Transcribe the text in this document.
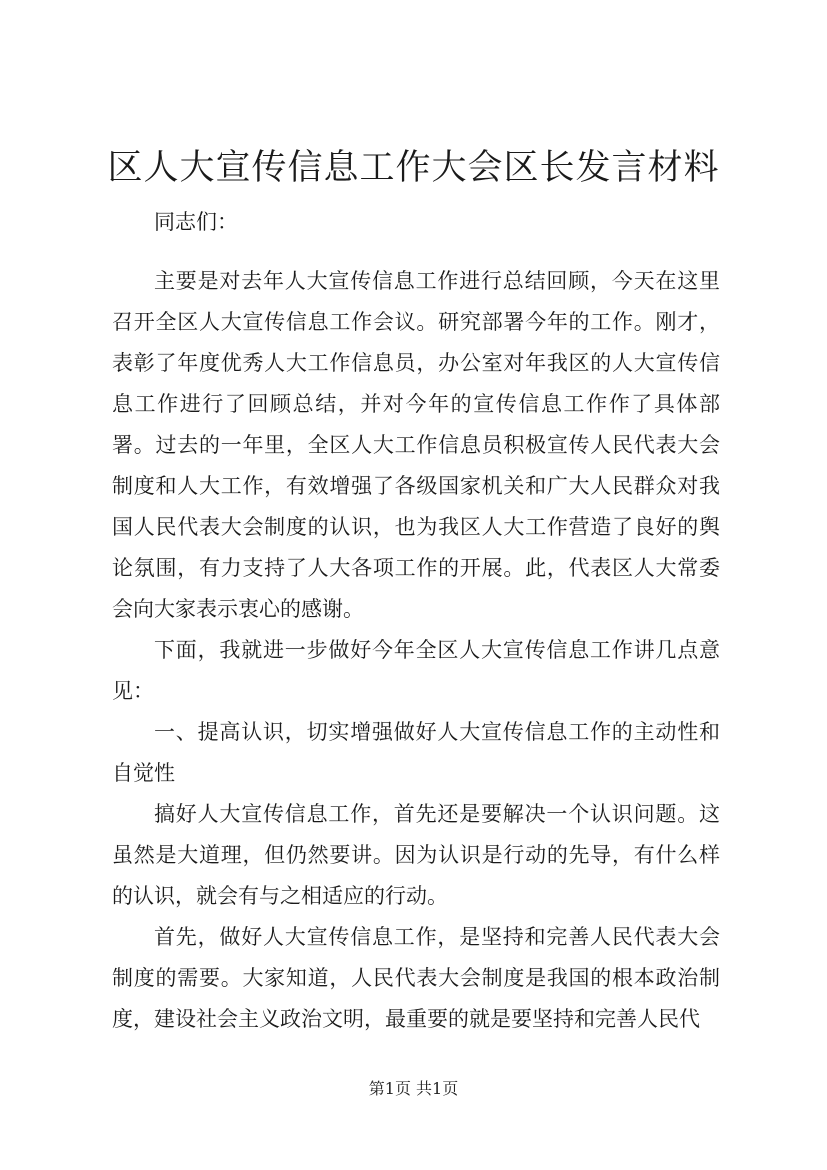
区人大宣传信息工作大会区长发言材料

同志们：

主要是对去年人大宣传信息工作进行总结回顾，今天在这里召开全区人大宣传信息工作会议。研究部署今年的工作。刚才，表彰了年度优秀人大工作信息员，办公室对年我区的人大宣传信息工作进行了回顾总结，并对今年的宣传信息工作作了具体部署。过去的一年里，全区人大工作信息员积极宣传人民代表大会制度和人大工作，有效增强了各级国家机关和广大人民群众对我国人民代表大会制度的认识，也为我区人大工作营造了良好的舆论氛围，有力支持了人大各项工作的开展。此，代表区人大常委会向大家表示衷心的感谢。

下面，我就进一步做好今年全区人大宣传信息工作讲几点意见：

一、提高认识，切实增强做好人大宣传信息工作的主动性和自觉性

搞好人大宣传信息工作，首先还是要解决一个认识问题。这虽然是大道理，但仍然要讲。因为认识是行动的先导，有什么样的认识，就会有与之相适应的行动。

首先，做好人大宣传信息工作，是坚持和完善人民代表大会制度的需要。大家知道，人民代表大会制度是我国的根本政治制度，建设社会主义政治文明，最重要的就是要坚持和完善人民代

第1页 共1页
